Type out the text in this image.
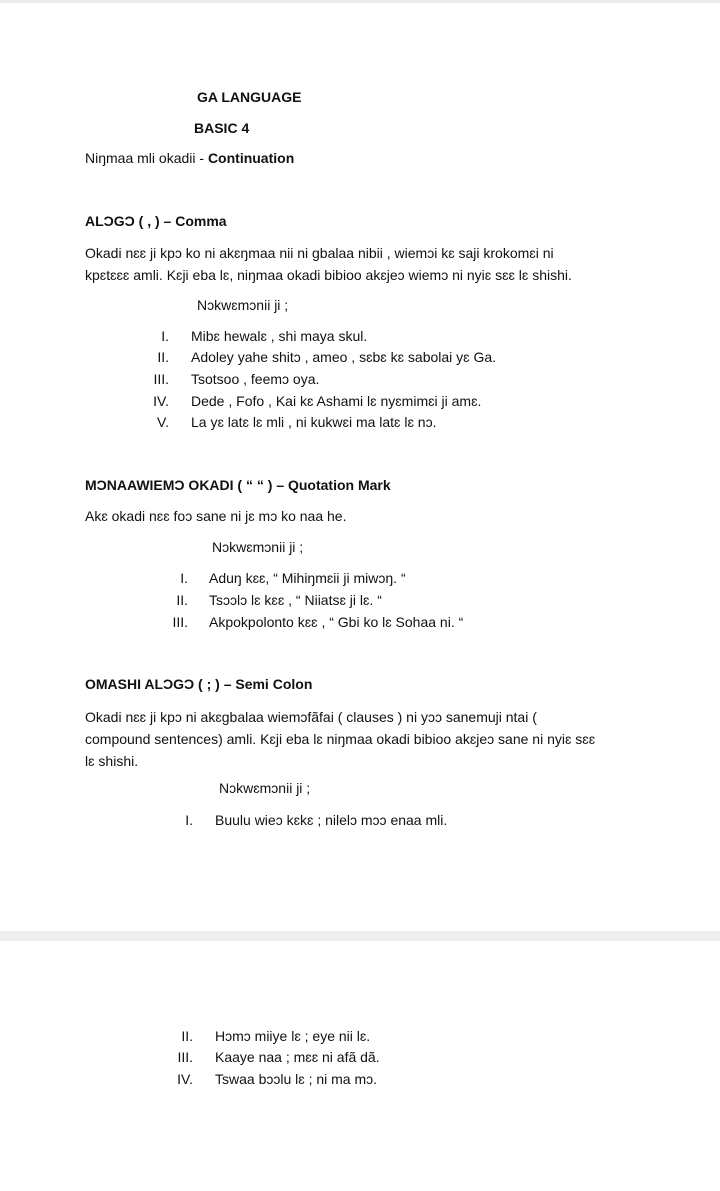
GA LANGUAGE
BASIC 4
Niŋmaa mli okadii - Continuation
ALƆGƆ ( , ) – Comma
Okadi nɛɛ ji kpɔ ko ni akɛŋmaa nii ni gbalaa nibii , wiemɔi kɛ saji krokomɛi ni
kpɛtɛɛɛ amli. Kɛji eba lɛ, niŋmaa okadi bibioo akɛjeɔ wiemɔ ni nyiɛ sɛɛ lɛ shishi.
Nɔkwɛmɔnii ji ;
I. Mibɛ hewalɛ , shi maya skul.
II. Adoley yahe shitɔ , ameo , sɛbɛ kɛ sabolai yɛ Ga.
III. Tsotsoo , feemɔ oya.
IV. Dede , Fofo , Kai kɛ Ashami lɛ nyɛmimɛi ji amɛ.
V. La yɛ latɛ lɛ mli , ni kukwɛi ma latɛ lɛ nɔ.
MƆNAAWIEMƆ OKADI ( “ “ ) – Quotation Mark
Akɛ okadi nɛɛ foɔ sane ni jɛ mɔ ko naa he.
Nɔkwɛmɔnii ji ;
I. Aduŋ kɛɛ, “ Mihiŋmɛii ji miwɔŋ. “
II. Tsɔɔlɔ lɛ kɛɛ , “ Niiatsɛ ji lɛ. “
III. Akpokpolonto kɛɛ , “ Gbi ko lɛ Sohaa ni. “
OMASHI ALƆGƆ ( ; ) – Semi Colon
Okadi nɛɛ ji kpɔ ni akɛgbalaa wiemɔfãfai ( clauses ) ni yɔɔ sanemuji ntai (
compound sentences) amli. Kɛji eba lɛ niŋmaa okadi bibioo akɛjeɔ sane ni nyiɛ sɛɛ
lɛ shishi.
Nɔkwɛmɔnii ji ;
I. Buulu wieɔ kɛkɛ ; nilelɔ mɔɔ enaa mli.
II. Hɔmɔ miiye lɛ ; eye nii lɛ.
III. Kaaye naa ; mɛɛ ni afã dã.
IV. Tswaa bɔɔlu lɛ ; ni ma mɔ.
